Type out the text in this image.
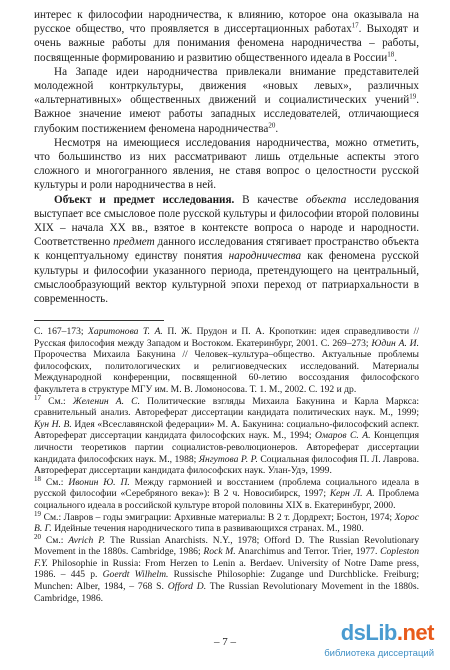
интерес к философии народничества, к влиянию, которое она оказывала на русское общество, что проявляется в диссертационных работах$^{17}$. Выходят и очень важные работы для понимания феномена народничества – работы, посвященные формированию и развитию общественного идеала в России$^{18}$.

На Западе идеи народничества привлекали внимание представителей молодежной контркультуры, движения «новых левых», различных «альтернативных» общественных движений и социалистических учений$^{19}$. Важное значение имеют работы западных исследователей, отличающиеся глубоким постижением феномена народничества$^{20}$.

Несмотря на имеющиеся исследования народничества, можно отметить, что большинство из них рассматривают лишь отдельные аспекты этого сложного и многогранного явления, не ставя вопрос о целостности русской культуры и роли народничества в ней.

Объект и предмет исследования. В качестве объекта исследования выступает все смысловое поле русской культуры и философии второй половины XIX – начала XX вв., взятое в контексте вопроса о народе и народности. Соответственно предмет данного исследования стягивает пространство объекта к концептуальному единству понятия народничества как феномена русской культуры и философии указанного периода, претендующего на центральный, смыслообразующий вектор культурной эпохи переход от патриархальности в современность.

С. 167–173; Харитонова Т. А. П. Ж. Прудон и П. А. Кропоткин: идея справедливости // Русская философия между Западом и Востоком. Екатеринбург, 2001. С. 269–273; Юдин А. И. Пророчества Михаила Бакунина // Человек–культура–общество. Актуальные проблемы философских, политологических и религиоведческих исследований. Материалы Международной конференции, посвященной 60-летию воссоздания философского факультета в структуре МГУ им. М. В. Ломоносова. Т. 1. М., 2002. С. 192 и др.

$^{17}$ См.: Желенин А. С. Политические взгляды Михаила Бакунина и Карла Маркса: сравнительный анализ. Автореферат диссертации кандидата политических наук. М., 1999; Кун Н. В. Идея «Всеславянской федерации» М. А. Бакунина: социально-философский аспект. Автореферат диссертации кандидата философских наук. М., 1994; Омаров С. А. Концепция личности теоретиков партии социалистов-революционеров. Автореферат диссертации кандидата философских наук. М., 1988; Янгутова Р. Р. Социальная философия П. Л. Лаврова. Автореферат диссертации кандидата философских наук. Улан-Удэ, 1999.

$^{18}$ См.: Ивонин Ю. П. Между гармонией и восстанием (проблема социального идеала в русской философии «Серебряного века»): В 2 ч. Новосибирск, 1997; Керн Л. А. Проблема социального идеала в российской культуре второй половины XIX в. Екатеринбург, 2000.

$^{19}$ См.: Лавров – годы эмиграции: Архивные материалы: В 2 т. Дордрехт; Бостон, 1974; Хорос В. Г. Идейные течения народнического типа в развивающихся странах. М., 1980.

$^{20}$ См.: Avrich P. The Russian Anarchists. N.Y., 1978; Offord D. The Russian Revolutionary Movement in the 1880s. Cambridge, 1986; Rock M. Anarchimus and Terror. Trier, 1977. Copleston F.Y. Philosophie in Russia: From Herzen to Lenin a. Berdaev. University of Notre Dame press, 1986. – 445 p. Goerdt Wilhelm. Russische Philosophie: Zugange und Durchblicke. Freiburg; Munchen: Alber, 1984, – 768 S. Offord D. The Russian Revolutionary Movement in the 1880s. Cambridge, 1986.

– 7 –	dsLib.net
библиотека диссертаций
